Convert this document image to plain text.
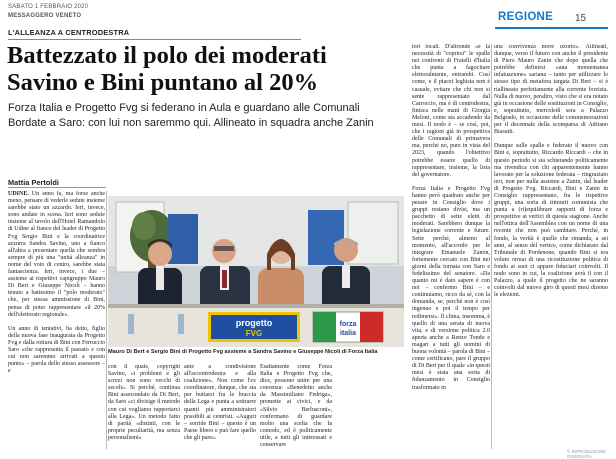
SABATO 1 FEBBRAIO 2020
MESSAGGERO VENETO	REGIONE	15
L'ALLEANZA A CENTRODESTRA
Battezzato il polo dei moderati
Savino e Bini puntano al 20%
Forza Italia e Progetto Fvg si federano in Aula e guardano alle Comunali Bordate a Saro: con lui non saremmo qui. Allineato in squadra anche Zanin
Mattia Pertoldi
UDINE. Un anno fa, ma forse anche meno, pensare di vederle sedute insieme sarebbe stato un azzardo. Ieri, invece, sono andate in scena. Ieri sono sedute insieme al tavolo dell'Hotel Ramandolo di Udine al fianco del leader di Progetto Fvg Sergio Bini e la coordinatrice azzurra Sandra Savino, uno a fianco all'altra a presentare quella che sembra sempre di più una "unità alleanza" in nome del voto di centro, sarebbe stata fantascienza. Ieri, invece, i due – assieme ai rispettivi capigruppo Mauro Di Bert e Giuseppe Nicoli – hanno tenuto a battesimo il "polo moderato" che, per stessa ammissione di Bini, pensa di poter rappresentare «il 20% dell'elettorato regionale».

Un anno di tentativi, ha detto, figlio della nuova fase inaugurata da Progetto Fvg e dalla rottura di Bini con Ferruccio Saro «che rappresenta il passato e con cui non saremmo arrivati a questo punto» – parola dello stesso assessore – e
progetto
FVG
forza
italia
Mauro Di Bert e Sergio Bini di Progetto Fvg assieme a Sandra Savino e Giuseppe Nicoli di Forza Italia
con il quale, copyright Savino, «i problemi e gli screzi non sono vecchi di secoli». Si perché, continua Bini assecondato da Di Bert, da Saro «ci divisige il metodo con cui vogliamo rapportarci alla Lega». Un metodo fatto di parità «distinti, con le proprie peculiarità, ma senza personalismi»
anie a condivisione all'accentrodestra e alla coalizione». Non come l'ex coordinatore, dunque, che sta per buttarsi fra le braccia della Lega e punta a sottrarre quanti più amministratori possibili ai centristi. «Auguri – sorride Bini – questo è un Paese libero e può fare quello che gli pare».
Esattamente come Forza Italia e Progetto Fvg che, dice, possono unire per una coerenza: «Benedetto anche da Massimiliano Fedriga», premette ai civici, e da «Silvio Berlusconi», confermano di guardare molto una scelta che fa comodo, ed è politicamente utile, a tutti gli interessati e conservare
tori locali. D'altronde «è la necessità di "coprirsi" le spalle nei confronti di Fratelli d'Italia che punta a fagocitare elettoralmente, entrambi. Così come, e il piacet leghista non è casuale, evitare che chi non si sente rappresentato dal Carroccio, ma è di centrodestra, finisca nelle mani di Giorgia Meloni, come sta accadendo da mesi. Il nodo è – se così, poi, che i ragioni già in prospettiva delle Comunali di primavera ma, perché no, pure in vista del 2023, quando l'obiettivo potrebbe essere quello di rappresentare, insieme, la lista del governatore.

Forza Italia e Progetto Fvg hanno però quadrato anche per pesare in Consiglio dove i gruppi restano divisi, ma un pacchetto di sette eletti di moderati. Sarebbero dunque la legislazione corrente e future. Sette perché, almeno al momento, all'accordo per le integrare Emanuele Zanon, fortemente cercato con Bini nei giorni della tornata con Saro e fedelissimo del senatore. «Da quanto mi è dato sapere è con noi – confermo Bini – e continuiamo, ricco da sé, con la domanda, se, perché non è così ingenuo e poi il tempo per redimersi». Il clima, insomma, è quello di una serata di nuova vita, e di versione politica 2.0 aperta anche a Renzo Tondo e magari a tutti gli uomini di buona volontà – parola di Bini – come certificano, pare il gruppo di Di Bert per il quale «in questi mesi è stata una sorta di fidanzamento in Consiglio trasformato in
una convivenza more uxorio». Allineati, dunque, verso il futuro con anche il presidente di Piero Mauro Zanin che dopo quella che potrebbe definirsi «una momentanea infatuazione» sariana – tanto per utilizzare lo stesso tipo di metafora targata Di Bert – si è riallineato perfettamente alla corrente forzista. Nulla di nuovo, peraltro, visto che si era notato già in occasione delle sostituzioni in Consiglio, e, soprattutto, mercoledì sera a Palazzo Belgrado, in occasione delle commemorazioni per il decennale della scomparsa di Adriano Biasutti.

Dunque sulle spalle e federato il nuovo con Bini e, soprattutto, Riccardo Riccardi – che in questo periodo si sta schierando politicamente ma rivendica con chi apparentemente hanno lavorato per la soluzione federata – ringraziato ieri, non per nulla assieme a Zanin, dal leader di Progetto Fvg. Riccardi, Bini e Zanin in Consiglio rappresentano, fra le rispettive gruppi, una sorta di trimurti comunista che punta a (ri)equilibrare rapporti di forza e prospettive ai vertici di questa stagione. Anche nell'ottica dell'Assemblea con un nome di una recente che non può cambiare. Perché, in fondo, la verità è quelle che rimanda, a sei anni, al senso del vertice, come dichiarato dal Tribunale di Pordenone, quando Bini si era voluto ormai di una ricostituzione politica di fondo ai suoi ci appare fiduciari coinvolti. Il nodo sono in cui, la coalizione avrà il con il Palazzo, a quale il progetto che ne saranno coinvolti dal nuovo giro di questi mesi diremo le elezioni.
© RIPRODUZIONE RISERVATA
